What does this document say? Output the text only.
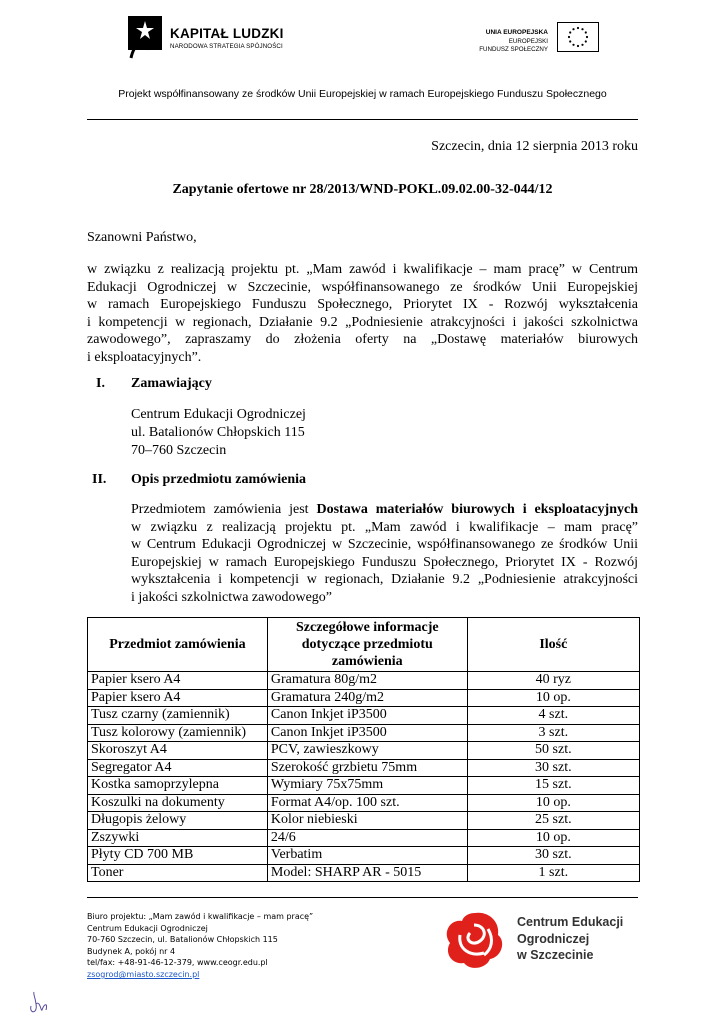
KAPITAŁ LUDZKI
NARODOWA STRATEGIA SPÓJNOŚCI
UNIA EUROPEJSKA
EUROPEJSKI
FUNDUSZ SPOŁECZNY
Projekt współfinansowany ze środków Unii Europejskiej w ramach Europejskiego Funduszu Społecznego
Szczecin, dnia 12 sierpnia 2013 roku
Zapytanie ofertowe nr 28/2013/WND-POKL.09.02.00-32-044/12
Szanowni Państwo,
w związku z realizacją projektu pt. „Mam zawód i kwalifikacje – mam pracę” w Centrum
Edukacji Ogrodniczej w Szczecinie, współfinansowanego ze środków Unii Europejskiej
w ramach Europejskiego Funduszu Społecznego, Priorytet IX - Rozwój wykształcenia
i kompetencji w regionach, Działanie 9.2 „Podniesienie atrakcyjności i jakości szkolnictwa
zawodowego”, zapraszamy do złożenia oferty na „Dostawę materiałów biurowych
i eksploatacyjnych”.
I. Zamawiający
Centrum Edukacji Ogrodniczej
ul. Batalionów Chłopskich 115
70–760 Szczecin
II. Opis przedmiotu zamówienia
Przedmiotem zamówienia jest Dostawa materiałów biurowych i eksploatacyjnych
w związku z realizacją projektu pt. „Mam zawód i kwalifikacje – mam pracę”
w Centrum Edukacji Ogrodniczej w Szczecinie, współfinansowanego ze środków Unii
Europejskiej w ramach Europejskiego Funduszu Społecznego, Priorytet IX - Rozwój
wykształcenia i kompetencji w regionach, Działanie 9.2 „Podniesienie atrakcyjności
i jakości szkolnictwa zawodowego”
Przedmiot zamówienia	Szczegółowe informacje dotyczące przedmiotu zamówienia	Ilość
Papier ksero A4	Gramatura 80g/m2	40 ryz
Papier ksero A4	Gramatura 240g/m2	10 op.
Tusz czarny (zamiennik)	Canon Inkjet iP3500	4 szt.
Tusz kolorowy (zamiennik)	Canon Inkjet iP3500	3 szt.
Skoroszyt A4	PCV, zawieszkowy	50 szt.
Segregator A4	Szerokość grzbietu 75mm	30 szt.
Kostka samoprzylepna	Wymiary 75x75mm	15 szt.
Koszulki na dokumenty	Format A4/op. 100 szt.	10 op.
Długopis żelowy	Kolor niebieski	25 szt.
Zszywki	24/6	10 op.
Płyty CD 700 MB	Verbatim	30 szt.
Toner	Model: SHARP AR - 5015	1 szt.
Biuro projektu: „Mam zawód i kwalifikacje – mam pracę”
Centrum Edukacji Ogrodniczej
70-760 Szczecin, ul. Batalionów Chłopskich 115
Budynek A, pokój nr 4
tel/fax: +48-91-46-12-379, www.ceogr.edu.pl
zsogrod@miasto.szczecin.pl
Centrum Edukacji
Ogrodniczej
w Szczecinie
